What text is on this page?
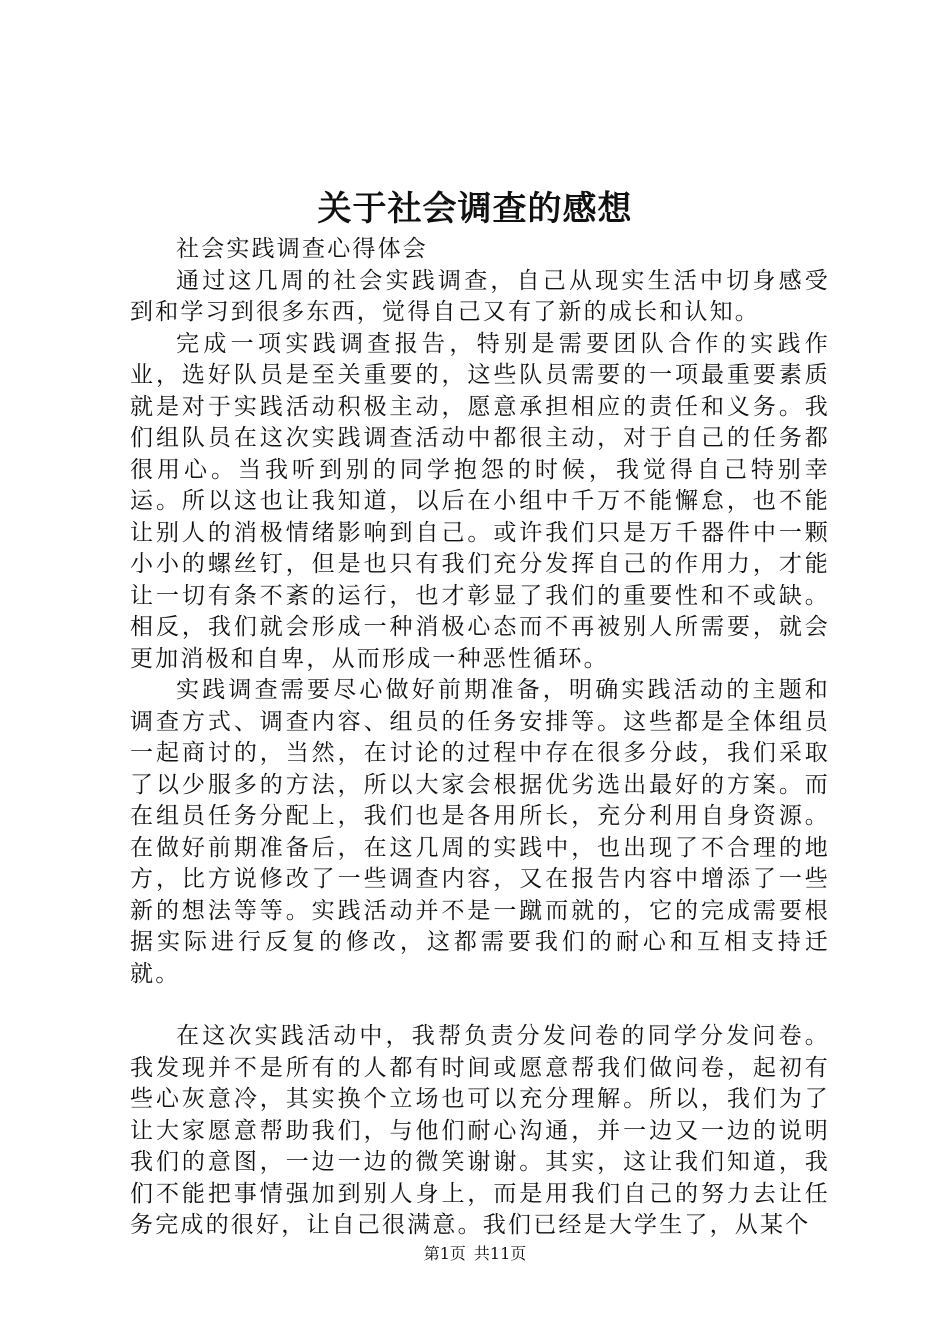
关于社会调查的感想

社会实践调查心得体会

通过这几周的社会实践调查，自己从现实生活中切身感受到和学习到很多东西，觉得自己又有了新的成长和认知。

完成一项实践调查报告，特别是需要团队合作的实践作业，选好队员是至关重要的，这些队员需要的一项最重要素质就是对于实践活动积极主动，愿意承担相应的责任和义务。我们组队员在这次实践调查活动中都很主动，对于自己的任务都很用心。当我听到别的同学抱怨的时候，我觉得自己特别幸运。所以这也让我知道，以后在小组中千万不能懈怠，也不能让别人的消极情绪影响到自己。或许我们只是万千器件中一颗小小的螺丝钉，但是也只有我们充分发挥自己的作用力，才能让一切有条不紊的运行，也才彰显了我们的重要性和不或缺。相反，我们就会形成一种消极心态而不再被别人所需要，就会更加消极和自卑，从而形成一种恶性循环。

实践调查需要尽心做好前期准备，明确实践活动的主题和调查方式、调查内容、组员的任务安排等。这些都是全体组员一起商讨的，当然，在讨论的过程中存在很多分歧，我们采取了以少服多的方法，所以大家会根据优劣选出最好的方案。而在组员任务分配上，我们也是各用所长，充分利用自身资源。在做好前期准备后，在这几周的实践中，也出现了不合理的地方，比方说修改了一些调查内容，又在报告内容中增添了一些新的想法等等。实践活动并不是一蹴而就的，它的完成需要根据实际进行反复的修改，这都需要我们的耐心和互相支持迁就。

在这次实践活动中，我帮负责分发问卷的同学分发问卷。我发现并不是所有的人都有时间或愿意帮我们做问卷，起初有些心灰意冷，其实换个立场也可以充分理解。所以，我们为了让大家愿意帮助我们，与他们耐心沟通，并一边又一边的说明我们的意图，一边一边的微笑谢谢。其实，这让我们知道，我们不能把事情强加到别人身上，而是用我们自己的努力去让任务完成的很好，让自己很满意。我们已经是大学生了，从某个

第1页 共11页
